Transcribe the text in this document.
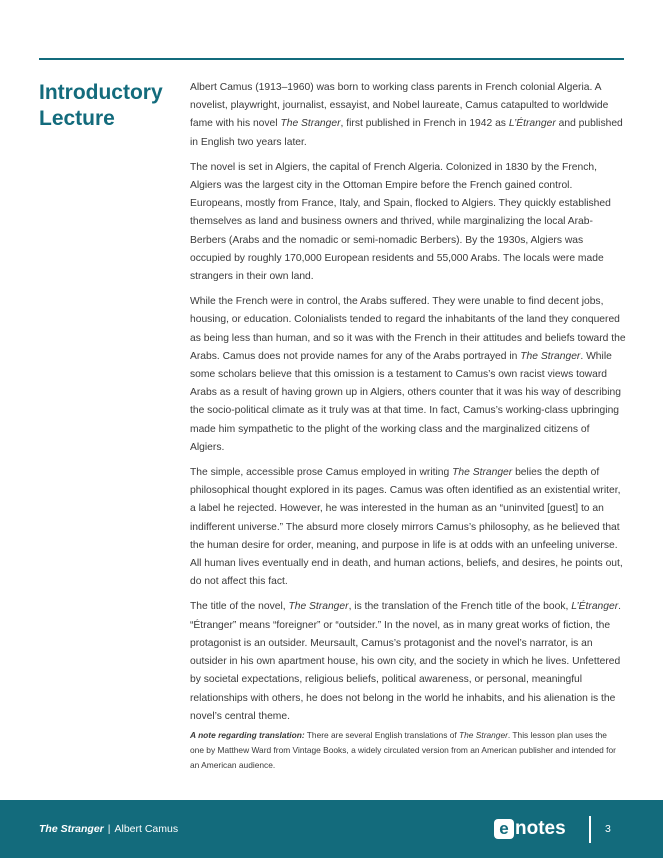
Introductory
Lecture

Albert Camus (1913–1960) was born to working class parents in French colonial Algeria. A novelist, playwright, journalist, essayist, and Nobel laureate, Camus catapulted to worldwide fame with his novel The Stranger, first published in French in 1942 as L’Étranger and published in English two years later.

The novel is set in Algiers, the capital of French Algeria. Colonized in 1830 by the French, Algiers was the largest city in the Ottoman Empire before the French gained control. Europeans, mostly from France, Italy, and Spain, flocked to Algiers. They quickly established themselves as land and business owners and thrived, while marginalizing the local Arab-Berbers (Arabs and the nomadic or semi-nomadic Berbers). By the 1930s, Algiers was occupied by roughly 170,000 European residents and 55,000 Arabs. The locals were made strangers in their own land.

While the French were in control, the Arabs suffered. They were unable to find decent jobs, housing, or education. Colonialists tended to regard the inhabitants of the land they conquered as being less than human, and so it was with the French in their attitudes and beliefs toward the Arabs. Camus does not provide names for any of the Arabs portrayed in The Stranger. While some scholars believe that this omission is a testament to Camus’s own racist views toward Arabs as a result of having grown up in Algiers, others counter that it was his way of describing the socio-political climate as it truly was at that time. In fact, Camus’s working-class upbringing made him sympathetic to the plight of the working class and the marginalized citizens of Algiers.

The simple, accessible prose Camus employed in writing The Stranger belies the depth of philosophical thought explored in its pages. Camus was often identified as an existential writer, a label he rejected. However, he was interested in the human as an “uninvited [guest] to an indifferent universe.” The absurd more closely mirrors Camus’s philosophy, as he believed that the human desire for order, meaning, and purpose in life is at odds with an unfeeling universe. All human lives eventually end in death, and human actions, beliefs, and desires, he points out, do not affect this fact.

The title of the novel, The Stranger, is the translation of the French title of the book, L’Étranger. “Étranger” means “foreigner” or “outsider.” In the novel, as in many great works of fiction, the protagonist is an outsider. Meursault, Camus’s protagonist and the novel’s narrator, is an outsider in his own apartment house, his own city, and the society in which he lives. Unfettered by societal expectations, religious beliefs, political awareness, or personal, meaningful relationships with others, he does not belong in the world he inhabits, and his alienation is the novel’s central theme.

A note regarding translation: There are several English translations of The Stranger. This lesson plan uses the one by Matthew Ward from Vintage Books, a widely circulated version from an American publisher and intended for an American audience.

The Stranger | Albert Camus	e notes	3
